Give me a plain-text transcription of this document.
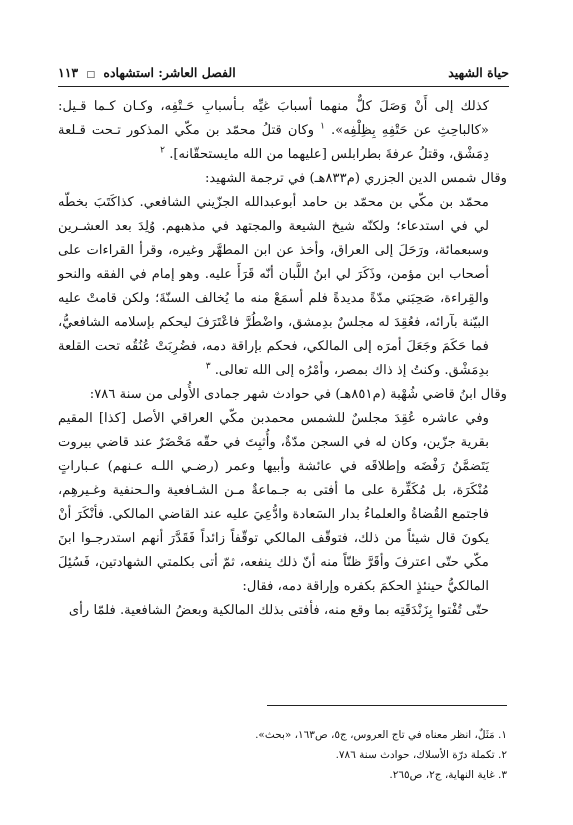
حياة الشهيد
الفصل العاشر: استشهاده □ ١١٣

كذلك إلى أَنْ وَصَلَ كلٌّ منهما أسبابَ غيِّه بـأسبابِ حَـتْفِه، وكـان كـما قـيل: «كالباحِثِ عن حَتْفِهِ بِظِلْفِه». $^١$ وكان قتلُ محمّد بن مكّي المذكور تـحت قـلعة دِمَشْق، وقتلُ عرفةَ بطرابلس [عليهما من الله مايستحقّانه]. $^٢$

وقال شمس الدين الجزري (م٨٣٣هـ) في ترجمة الشهيد:

محمّد بن مكّي بن محمّد بن حامد أبوعبدالله الجزّيني الشافعي. كذاكَتَبَ بخطّه لي في استدعاء؛ ولكنّه شيخ الشيعة والمجتهد في مذهبهم. وُلِدَ بعد العشـرين وسبعمائة، ورَحَلَ إلى العراق، وأخذ عن ابن المطهَّر وغيره، وقرأ القراءات على أصحاب ابن مؤمن، وذَكَرَ لي ابنُ اللَّبان أنّه قَرَأَ عليه. وهو إمام في الفقه والنحو والقِراءة، صَحِبَني مدّةً مديدةً فلم أسمَعْ منه ما يُخالف السنّةَ؛ ولكن قامتْ عليه البيّنة بآرائه، فعُقِدَ له مجلسٌ بدِمشق، واضْطُرَّ فاعْتَرَفَ ليحكم بإسلامه الشافعيُّ، فما حَكَمَ وجَعَلَ أمرَه إلى المالكي، فحكم بإراقة دمه، فضُرِبَتْ عُنُقُه تحت القلعة بدِمَشْق. وكنتُ إذ ذاك بمصر، وأمْرُه إلى الله تعالى. $^٣$

وقال ابنُ قاضي شُهْبة (م٨٥١هـ) في حوادث شهر جمادى الأُولى من سنة ٧٨٦:

وفي عاشره عُقِدَ مجلسٌ للشمس محمدبن مكّي العراقي الأصل [كذا] المقيم بقرية جزّين، وكان له في السجن مدّةٌ، وأُثبِتَ في حقّه مَحْضَرٌ عند قاضي بيروت يَتَضمَّنُ رَفْضَه وإطلاقَه في عائشة وأبيها وعمر (رضـي اللـه عـنهم) عـباراتٍ مُنْكَرَة، بل مُكَفِّرة على ما أفتى به جـماعةٌ مـن الشـافعية والـحنفية وغـيرهِم، فاجتمع القُضاةُ والعلماءُ بدار السَعادة وادُّعِيَ عليه عند القاضي المالكي. فأنْكَرَ أنْ يكونَ قال شيئاً من ذلك، فتوقّف المالكي توقّفاً زائداً فَقَدَّرَ أنهم استدرجـوا ابنَ مكّي حتّى اعترفَ وأقَرَّ ظنّاً منه أنّ ذلك ينفعه، ثمّ أتى بكلمتي الشهادتين، فَسُئِلَ المالكيُّ حينئذٍ الحكمَ بكفره وإراقة دمه، فقال:

حتّى تُفْتوا بِزَنْدَقَتِه بما وقع منه، فأفتى بذلك المالكية وبعضُ الشافعية. فلمّا رأى

١. مَثَلٌ، انظر معناه في تاج العروس، ج٥، ص١٦٣، «بحث».
٢. تكملة درّة الأسلاك، حوادث سنة ٧٨٦.
٣. غاية النهاية، ج٢، ص٢٦٥.
